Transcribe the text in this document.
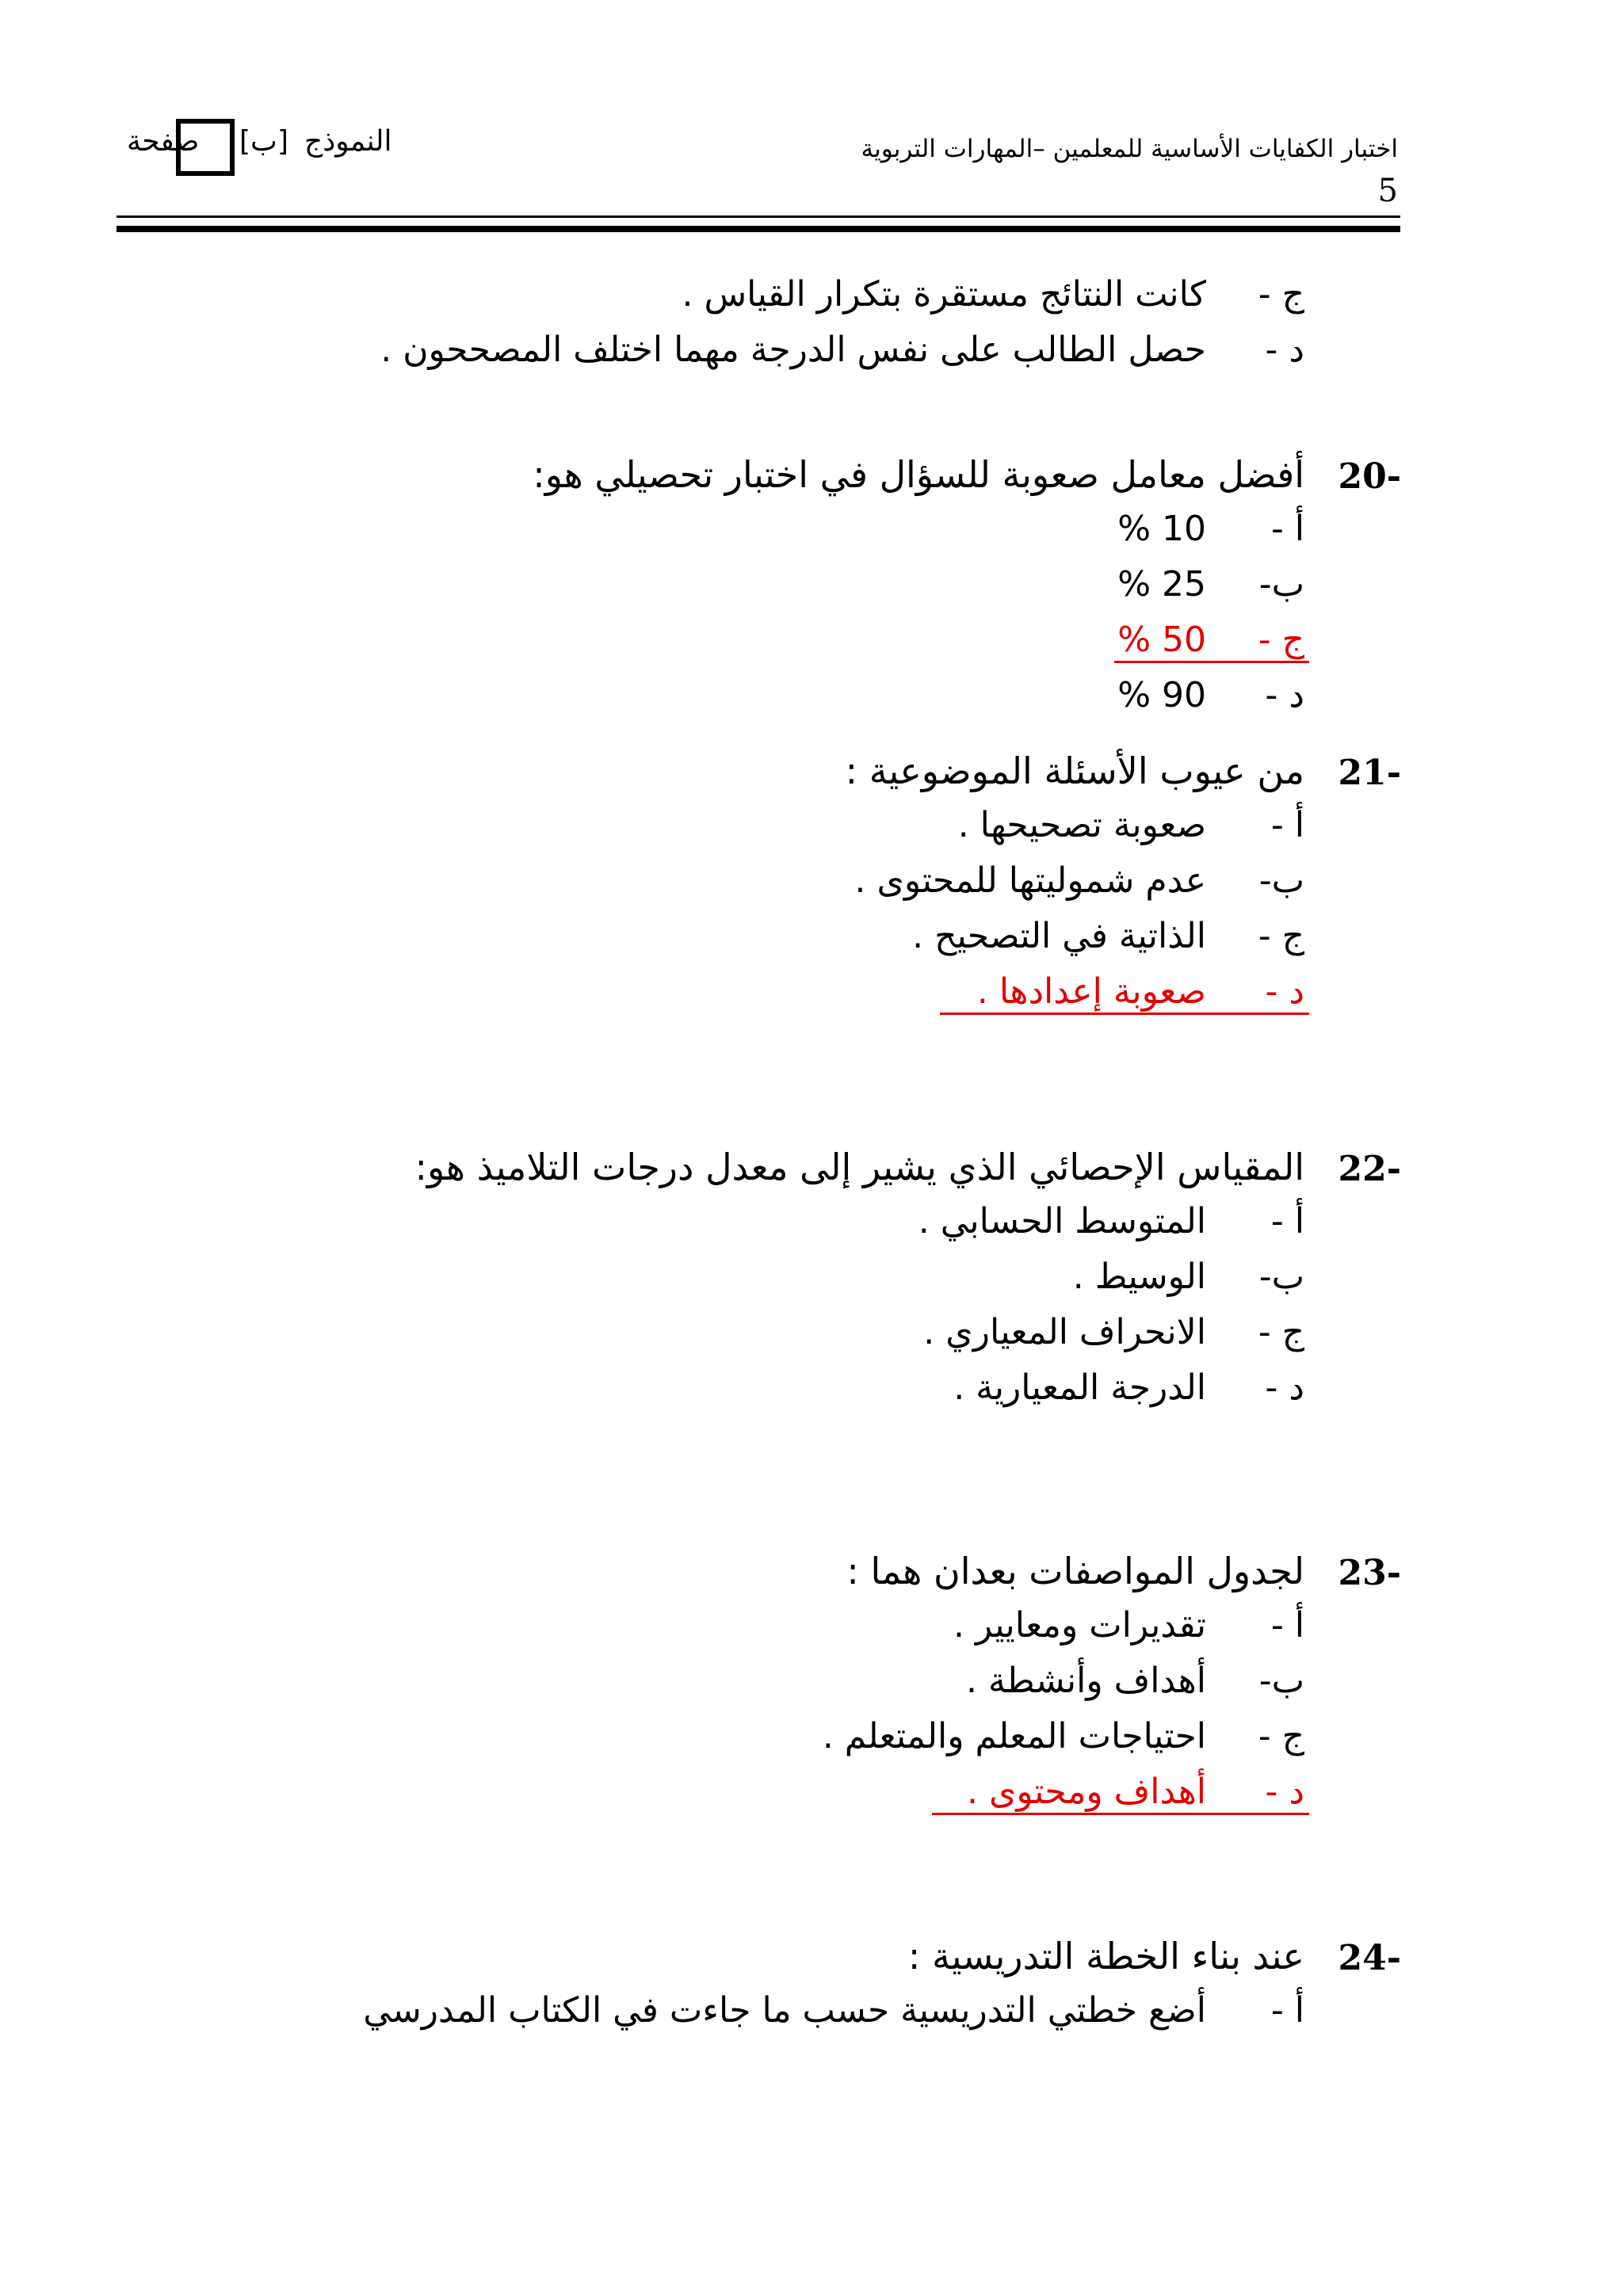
اختبار الكفايات الأساسية للمعلمين –المهارات التربوية
5
النموذج
[ب]
صفحة
ج -
كانت النتائج مستقرة بتكرار القياس .
د -
حصل الطالب على نفس الدرجة مهما اختلف المصححون .
20-
أفضل معامل صعوبة للسؤال في اختبار تحصيلي هو:
أ -
10 %
ب-
25 %
ج -
50 %
د -
90 %
21-
من عيوب الأسئلة الموضوعية :
أ -
صعوبة تصحيحها .
ب-
عدم شموليتها للمحتوى .
ج -
الذاتية في التصحيح .
د -
صعوبة إعدادها .
22-
المقياس الإحصائي الذي يشير إلى معدل درجات التلاميذ هو:
أ -
المتوسط الحسابي .
ب-
الوسيط .
ج -
الانحراف المعياري .
د -
الدرجة المعيارية .
23-
لجدول المواصفات بعدان هما :
أ -
تقديرات ومعايير .
ب-
أهداف وأنشطة .
ج -
احتياجات المعلم والمتعلم .
د -
أهداف ومحتوى .
24-
عند بناء الخطة التدريسية :
أ -
أضع خطتي التدريسية حسب ما جاءت في الكتاب المدرسي
